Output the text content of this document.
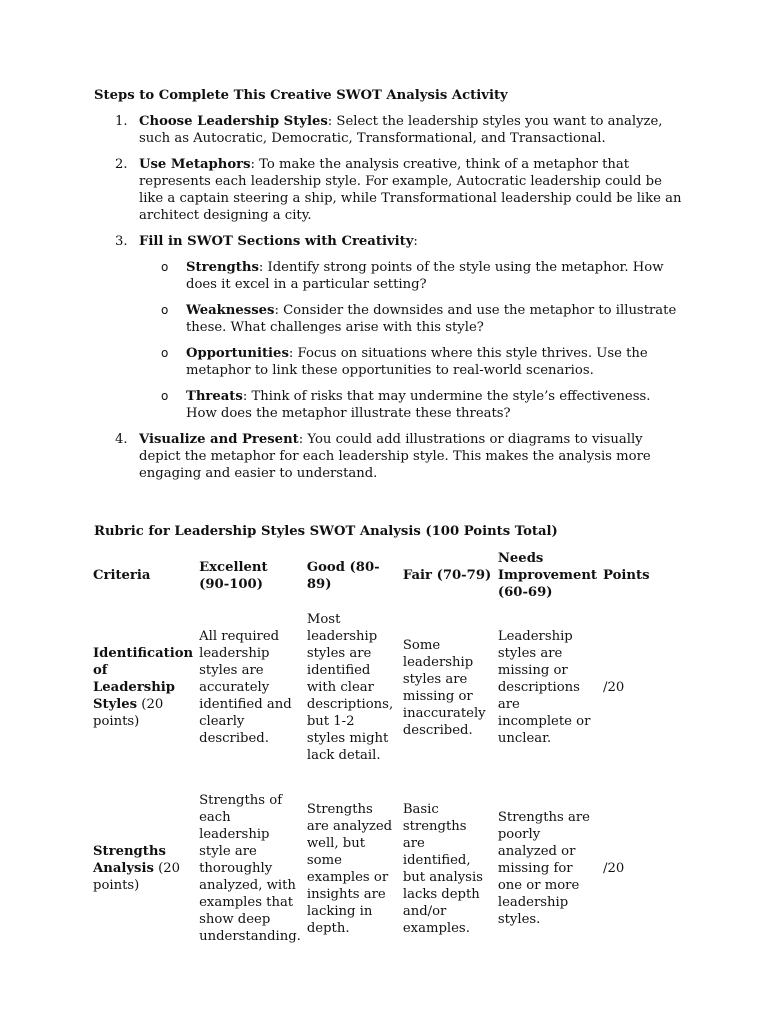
Steps to Complete This Creative SWOT Analysis Activity
1. Choose Leadership Styles: Select the leadership styles you want to analyze, such as Autocratic, Democratic, Transformational, and Transactional.
2. Use Metaphors: To make the analysis creative, think of a metaphor that represents each leadership style. For example, Autocratic leadership could be like a captain steering a ship, while Transformational leadership could be like an architect designing a city.
3. Fill in SWOT Sections with Creativity:
o Strengths: Identify strong points of the style using the metaphor. How does it excel in a particular setting?
o Weaknesses: Consider the downsides and use the metaphor to illustrate these. What challenges arise with this style?
o Opportunities: Focus on situations where this style thrives. Use the metaphor to link these opportunities to real-world scenarios.
o Threats: Think of risks that may undermine the style’s effectiveness. How does the metaphor illustrate these threats?
4. Visualize and Present: You could add illustrations or diagrams to visually depict the metaphor for each leadership style. This makes the analysis more engaging and easier to understand.
Rubric for Leadership Styles SWOT Analysis (100 Points Total)
Criteria	Excellent (90-100)	Good (80-89)	Fair (70-79)	Needs Improvement (60-69)	Points
Identification of Leadership Styles (20 points)	All required leadership styles are accurately identified and clearly described.	Most leadership styles are identified with clear descriptions, but 1-2 styles might lack detail.	Some leadership styles are missing or inaccurately described.	Leadership styles are missing or descriptions are incomplete or unclear.	/20
Strengths Analysis (20 points)	Strengths of each leadership style are thoroughly analyzed, with examples that show deep understanding.	Strengths are analyzed well, but some examples or insights are lacking in depth.	Basic strengths are identified, but analysis lacks depth and/or examples.	Strengths are poorly analyzed or missing for one or more leadership styles.	/20
